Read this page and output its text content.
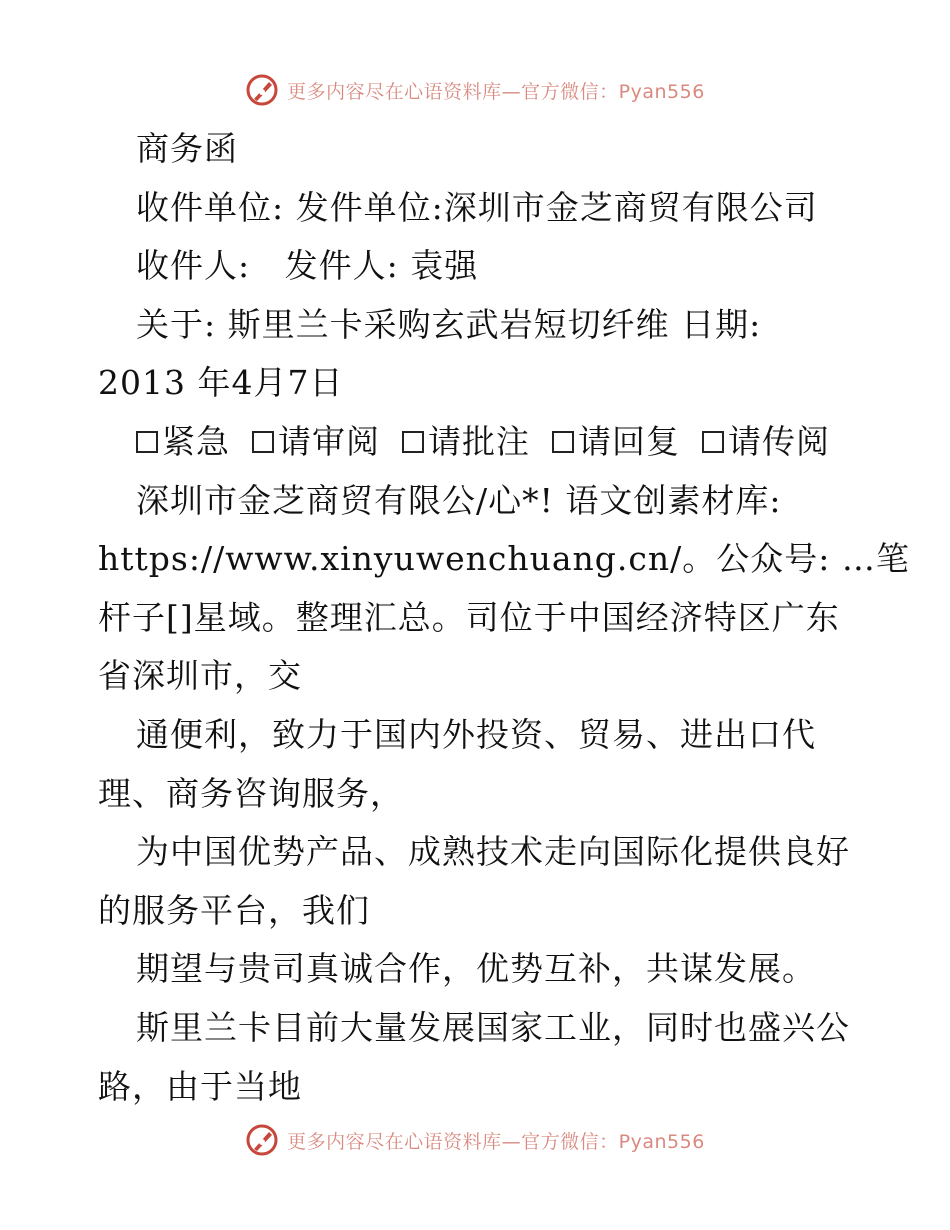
更多内容尽在心语资料库—官方微信：Pyan556
商务函
收件单位: 发件单位:深圳市金芝商贸有限公司
收件人:   发件人: 袁强
关于: 斯里兰卡采购玄武岩短切纤维 日期:
2013 年4月7日
紧急 请审阅 请批注 请回复 请传阅
深圳市金芝商贸有限公/心*! 语文创素材库:
https://www.xinyuwenchuang.cn/。公众号: …笔
杆子[]星域。整理汇总。司位于中国经济特区广东
省深圳市，交
通便利，致力于国内外投资、贸易、进出口代
理、商务咨询服务，
为中国优势产品、成熟技术走向国际化提供良好
的服务平台，我们
期望与贵司真诚合作，优势互补，共谋发展。
斯里兰卡目前大量发展国家工业，同时也盛兴公
路，由于当地
更多内容尽在心语资料库—官方微信：Pyan556
